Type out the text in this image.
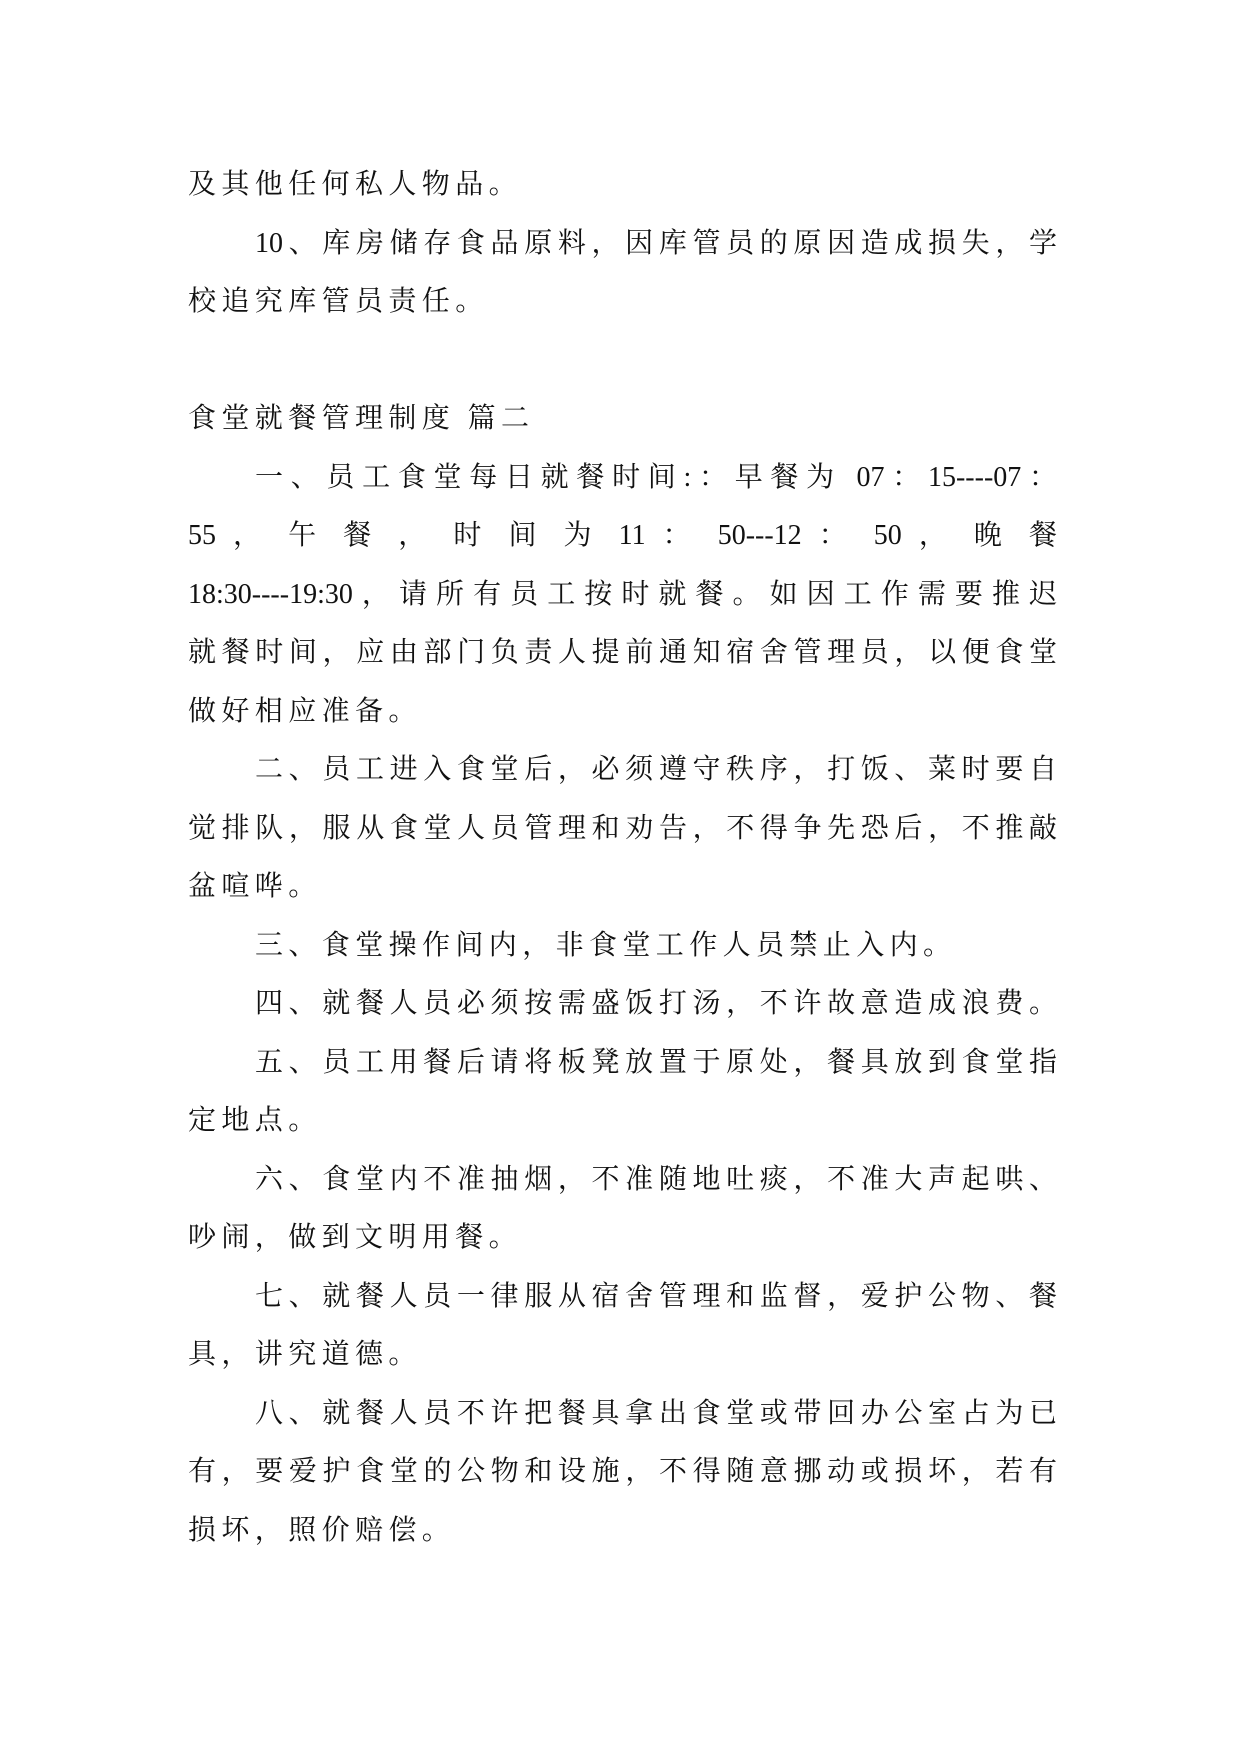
及其他任何私人物品。
10、库房储存食品原料，因库管员的原因造成损失，学
校追究库管员责任。
食堂就餐管理制度 篇二
一、员工食堂每日就餐时间:：早餐为 07：15----07：
55 ， 午 餐 ， 时 间 为 11 ： 50---12 ： 50 ， 晚 餐
18:30----19:30，请所有员工按时就餐。如因工作需要推迟
就餐时间，应由部门负责人提前通知宿舍管理员，以便食堂
做好相应准备。
二、员工进入食堂后，必须遵守秩序，打饭、菜时要自
觉排队，服从食堂人员管理和劝告，不得争先恐后，不推敲
盆喧哗。
三、食堂操作间内，非食堂工作人员禁止入内。
四、就餐人员必须按需盛饭打汤，不许故意造成浪费。
五、员工用餐后请将板凳放置于原处，餐具放到食堂指
定地点。
六、食堂内不准抽烟，不准随地吐痰，不准大声起哄、
吵闹，做到文明用餐。
七、就餐人员一律服从宿舍管理和监督，爱护公物、餐
具，讲究道德。
八、就餐人员不许把餐具拿出食堂或带回办公室占为已
有，要爱护食堂的公物和设施，不得随意挪动或损坏，若有
损坏，照价赔偿。
